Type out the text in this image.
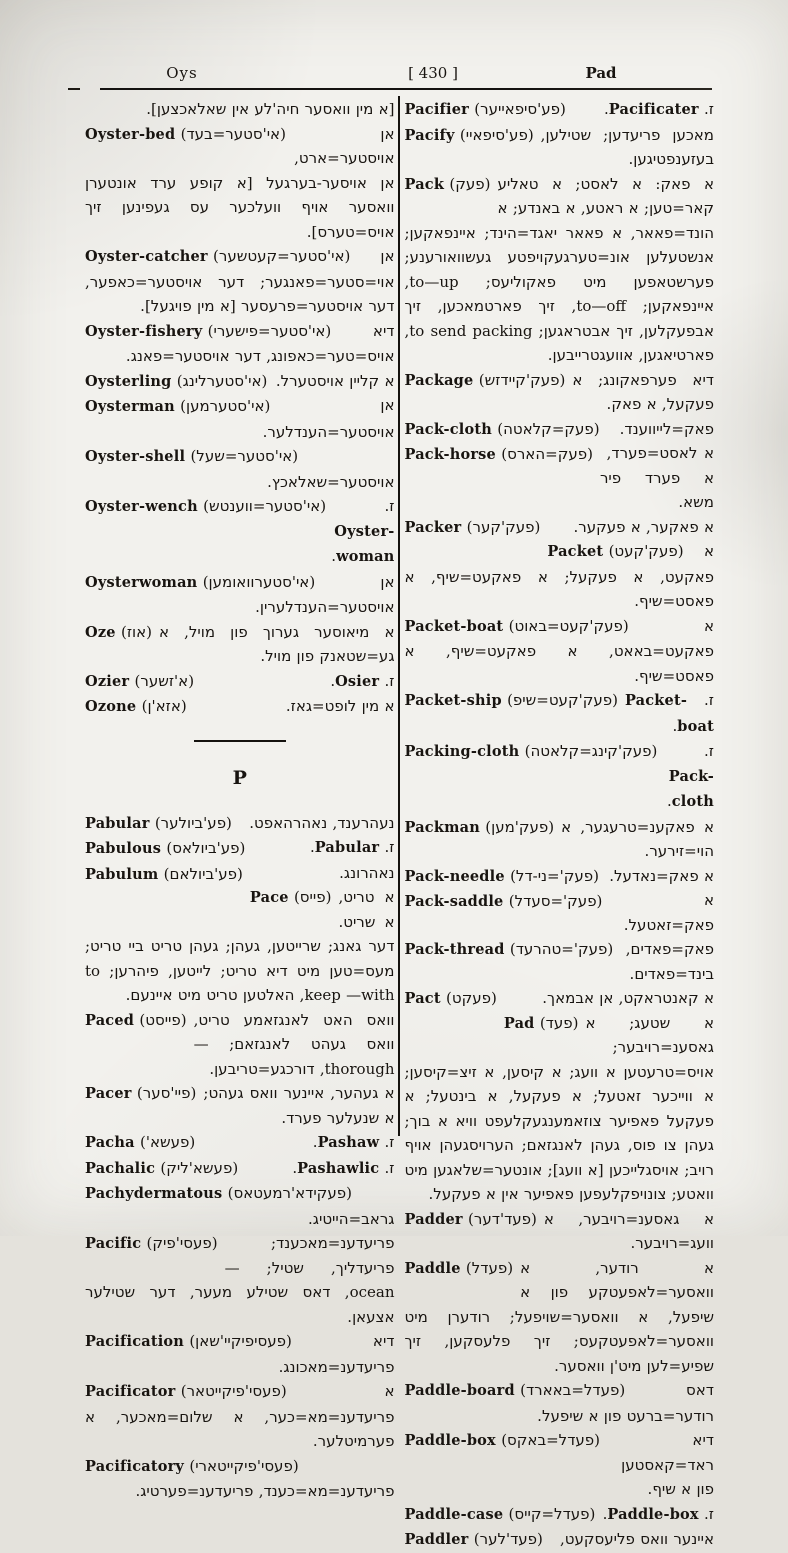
Oys	[ 430 ]	Pad

[א מין וואסער חיה'לע אין שאלאכצען].

Oyster-bed (אי'סטער=בעד)	אן אויסטער=ארט, אן אויסער-בערגעל [א קופע ערד אונטערן וואסער אויף וועלכער עס געפינען זיך אויס=טערס].

Oyster-catcher (אי'סטער=קעטשער) אן אוי=סטער=פאנגער; דער אויסטער=כאפער, דער אויסטער=פרעסער [א מין פויגעל].

Oyster-fishery (אי'סטער=פישערי)	דיא אויס=טער=כאפונג, דער אויסטער=פאנג.

Oysterling (אי'סטערלינג) א קליין אויסטערל.

Oysterman (אי'סטערמען)	אן אויסטער=הענדלער.

Oyster-shell (אי'סטער=שעל)
אויסטער=שאלאכץ.

Oyster-wench (אי'סטער=ווענטש)	ז. Oyster-woman.

Oysterwoman (אי'סטערוואומען)	אן אויסטער=הענדלערין.

Oze (אוז) א מיאוסער גערוך פון מויל, א גע=שטאנק פון מויל.

Ozier (א'זשער)	ז. Osier.

Ozone (אזא'ן)	א מין לופט=גאז.

P

Pabular (פע'ביולער) נעהרענד, נאהרהאפט.

Pabulous (פע'ביולאס)	ז. Pabular.

Pabulum (פע'ביולאם)	נאהרונג.

Pace (פייס) א טריט, א שריט. דער גאנג; שרייטען, געהן; געהן טריט ביי טריט; מעס=טען מיט דיא טריט; לייטען, פיהרען; to keep —with, האלטען טריט מיט איינעם.

Paced (פייסט) וואס האט לאנגזאמע טריט, וואס געהט לאנגזאם; —thorough, דורכגע=טריבען.

Pacer (פיי'סער) א געהער, איינער וואס געהט; א שנעלער פערד.

Pacha (פעשא')	ז. Pashaw.

Pachalic (פעשא'ליק)	ז. Pashawlic.

Pachydermatous (פעקידא'רמעטאס)
גראב=הייטיג.

Pacific (פעסי'פיק)	פריעדענ=מאכענד; פריעדליך, שטיל; —ocean, דאס שטילע מעער, דער שטילער אצעאן.

Pacification (פעסיפיקיי'שאן)	דיא פריעדענ=מאכונג.

Pacificator (פעסי'פיקייטאר)	א פריעדענ=מא=כער, א שלום=מאכער, א פערמיטלער.

Pacificatory (פעסי'פיקייטארי)
פריעדענ=מא=כענד, פריעדענ=פערטיג.

Pacifier (פע'סיפאייער)	ז. Pacificater.

Pacify (פע'סיפאיי) מאכען פריעדען; שטילען, בעזענפטיגען.

Pack (פעק) א פאק: א לאסט; א טאליע קאר=טען; א ראטע, א באנדע; א הונד=פאאר, א פאאר יאגד=הינד; איינפאקען; אנשטעלען אונ=טערגעקויפטע געשוואורענע; פערשטאפען מיט פאקוליעס; to—up, איינפאקען; to—off, זיך פארטמאכען, זיך אבפעקלען, זיך אבטראגען; to send packing, פארטיאגען, אוועגטרייבען.

Package (פעק'קיידזש) דיא פערפאקונג; א פעקעל, א פאק.

Pack-cloth (פעק=קלאטה) פאק=לייווענד.

Pack-horse (פעק=הארס) א לאסט=פערד, א פערד פיר משא.

Packer (פעק'קער) א פאקער, א פעקער.

Packet (פעק'קעט) א פאקעט, א פעקעל; א פאקעט=שיף, א פאסט=שיף.

Packet-boat (פעק'קעט=באוט)	א פאקעט=באאט, א פאקעט=שיף, א פאסט=שיף.

Packet-ship (פעק'קעט=שיפ)	ז. Packet-boat.

Packing-cloth (פעק'קינג=קלאטה)	ז. Pack-cloth.

Packman (פעק'מען) א פאקענ=טרעגער, א הוי=זירער.

Pack-needle (פעק'=ני-דל) א פאק=נאדעל.

Pack-saddle (פעק'=סעדל)	א פאק=זאטעל.

Pack-thread (פעק'=טהרעד) פאק=פאדים, בינד=פאדים.

Pact (פעקט)	א קאנטראקט, אן אבמאך.

Pad (פעד) א שטעג; א גאסענ=רויבער; אויס=טרעטען א וועג; א קיסען, א זיצ=קיסען; א ווייכער זאטעל; א פעקעל, א בינטעל; א פעקעל פאפיער צוזאמענגעקלעפט וויא א בוך; געהן צו פוס, געהן לאנגזאם; הערויסגעהן אויף רויב; אויסגלייכען [א וועג]; אונטער=שלאגען מיט וואטע; צונויפקלעפען פאפיער אין א פעקעל.

Padder (פעד'דער) א גאסענ=רויבער, א וועג=רויבער.

Paddle (פעדל) א רודער, א וואסער=לאפעטקע פון א שיפעל, א וואסער=שויפעל; רודערן מיט וואסער=לאפעטקעס; זיך פלעסקען, זיך שפיע=לען מיט'ן וואסער.

Paddle-board (פעדל=באארד)	דאס רודער=ברעט פון א שיפעל.

Paddle-box (פעדל=באקס)	דיא ראד=קאסטען פון א שיף.

Paddle-case (פעדל=קייס)	ז. Paddle-box.

Paddler (פעד'לער) איינער וואס פליעסקעט,
